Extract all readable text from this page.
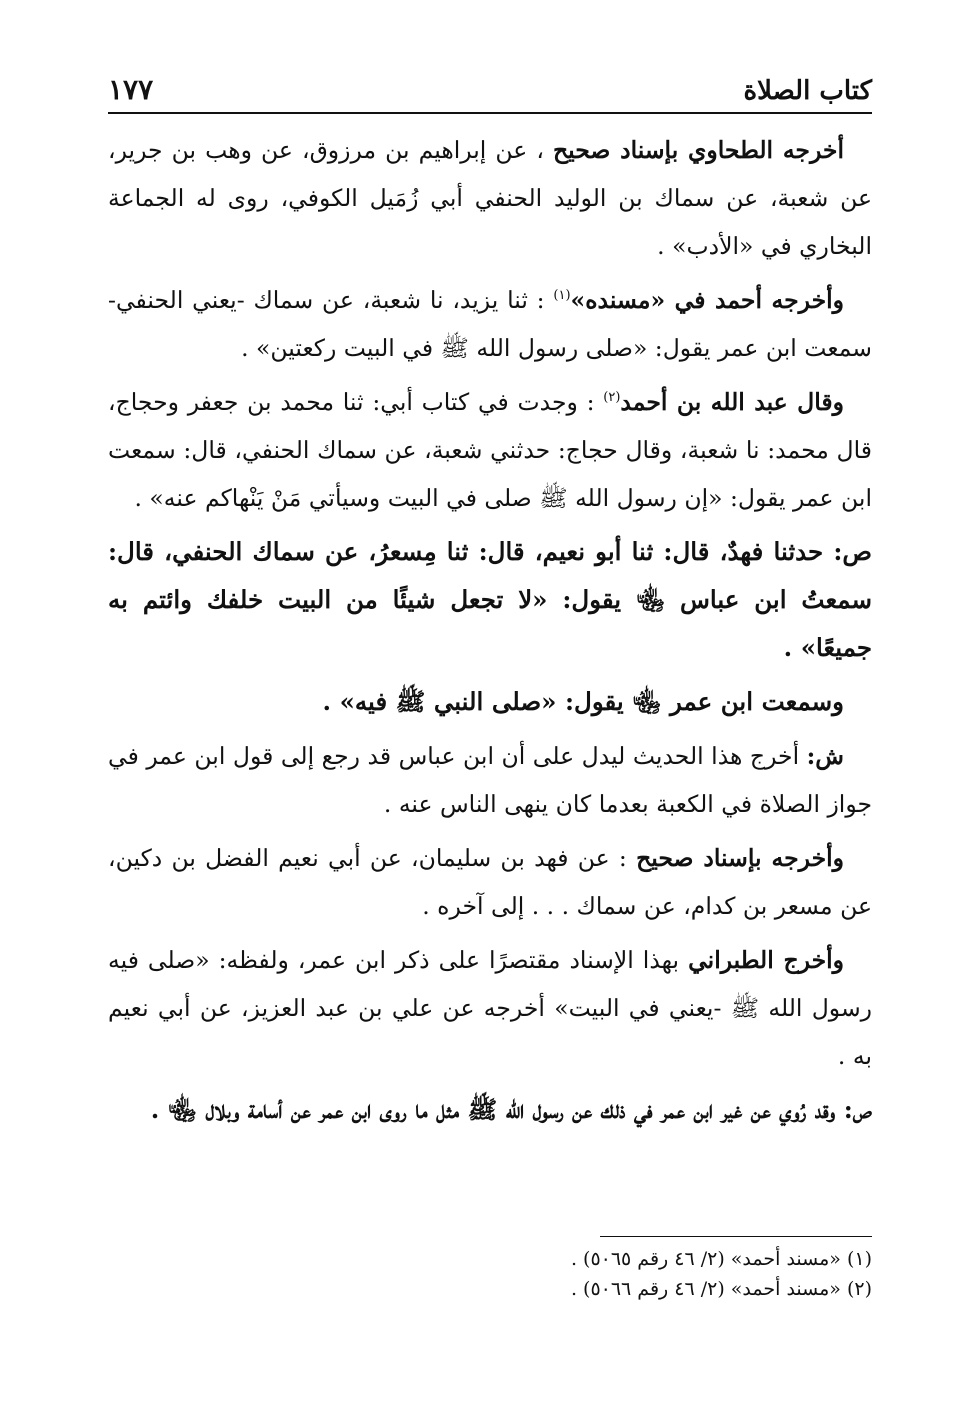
كتاب الصلاة
١٧٧

أخرجه الطحاوي بإسناد صحيح ، عن إبراهيم بن مرزوق، عن وهب بن جرير، عن شعبة، عن سماك بن الوليد الحنفي أبي زُمَيل الكوفي، روى له الجماعة البخاري في «الأدب» .

وأخرجه أحمد في «مسنده»$^{(١)}$ : ثنا يزيد، نا شعبة، عن سماك -يعني الحنفي- سمعت ابن عمر يقول: «صلى رسول الله ﷺ في البيت ركعتين» .

وقال عبد الله بن أحمد$^{(٢)}$ : وجدت في كتاب أبي: ثنا محمد بن جعفر وحجاج، قال محمد: نا شعبة، وقال حجاج: حدثني شعبة، عن سماك الحنفي، قال: سمعت ابن عمر يقول: «إن رسول الله ﷺ صلى في البيت وسيأتي مَنْ يَنْهاكم عنه» .

ص: حدثنا فهدٌ، قال: ثنا أبو نعيم، قال: ثنا مِسعرُ، عن سماك الحنفي، قال: سمعتُ ابن عباس ﵄ يقول: «لا تجعل شيئًا من البيت خلفك وائتم به جميعًا» .

وسمعت ابن عمر ﵄ يقول: «صلى النبي ﷺ فيه» .

ش: أخرج هذا الحديث ليدل على أن ابن عباس قد رجع إلى قول ابن عمر في جواز الصلاة في الكعبة بعدما كان ينهى الناس عنه .

وأخرجه بإسناد صحيح : عن فهد بن سليمان، عن أبي نعيم الفضل بن دكين، عن مسعر بن كدام، عن سماك . . . إلى آخره .

وأخرج الطبراني بهذا الإسناد مقتصرًا على ذكر ابن عمر، ولفظه: «صلى فيه رسول الله ﷺ -يعني في البيت» أخرجه عن علي بن عبد العزيز، عن أبي نعيم به .

ص: وقد رُوي عن غير ابن عمر في ذلك عن رسول الله ﷺ مثل ما روى ابن عمر عن أسامة وبلال ﵄ .

(١) «مسند أحمد» (٢/ ٤٦ رقم ٥٠٦٥) .
(٢) «مسند أحمد» (٢/ ٤٦ رقم ٥٠٦٦) .
